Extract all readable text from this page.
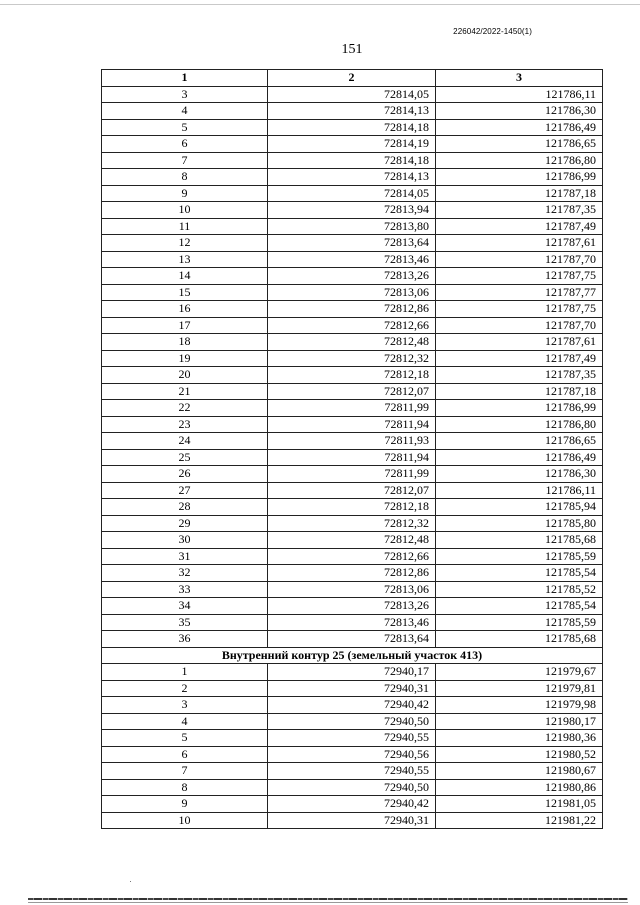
226042/2022-1450(1)
151
1	2	3
3	72814,05	121786,11
4	72814,13	121786,30
5	72814,18	121786,49
6	72814,19	121786,65
7	72814,18	121786,80
8	72814,13	121786,99
9	72814,05	121787,18
10	72813,94	121787,35
11	72813,80	121787,49
12	72813,64	121787,61
13	72813,46	121787,70
14	72813,26	121787,75
15	72813,06	121787,77
16	72812,86	121787,75
17	72812,66	121787,70
18	72812,48	121787,61
19	72812,32	121787,49
20	72812,18	121787,35
21	72812,07	121787,18
22	72811,99	121786,99
23	72811,94	121786,80
24	72811,93	121786,65
25	72811,94	121786,49
26	72811,99	121786,30
27	72812,07	121786,11
28	72812,18	121785,94
29	72812,32	121785,80
30	72812,48	121785,68
31	72812,66	121785,59
32	72812,86	121785,54
33	72813,06	121785,52
34	72813,26	121785,54
35	72813,46	121785,59
36	72813,64	121785,68
Внутренний контур 25 (земельный участок 413)		
1	72940,17	121979,67
2	72940,31	121979,81
3	72940,42	121979,98
4	72940,50	121980,17
5	72940,55	121980,36
6	72940,56	121980,52
7	72940,55	121980,67
8	72940,50	121980,86
9	72940,42	121981,05
10	72940,31	121981,22
